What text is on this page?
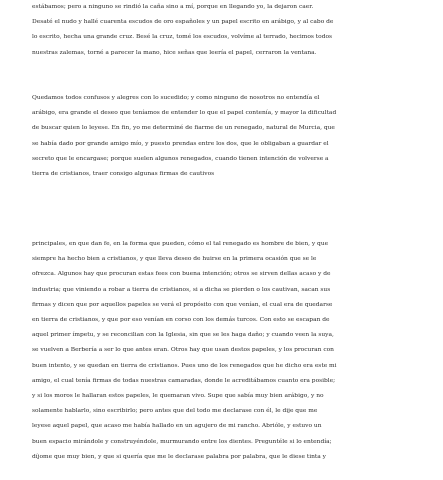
estábamos; pero a ninguno se rindió la caña sino a mí, porque en llegando yo, la dejaron caer.
Desaté el nudo y hallé cuarenta escudos de oro españoles y un papel escrito en arábigo, y al cabo de
lo escrito, hecha una grande cruz. Besé la cruz, tomé los escudos, volvíme al terrado, hecimos todos
nuestras zalemas, torné a parecer la mano, hice señas que leería el papel, cerraron la ventana.

Quedamos todos confusos y alegres con lo sucedido; y como ninguno de nosotros no entendía el
arábigo, era grande el deseo que teníamos de entender lo que el papel contenía, y mayor la dificultad
de buscar quien lo leyese. En fin, yo me determiné de fiarme de un renegado, natural de Murcia, que
se había dado por grande amigo mío, y puesto prendas entre los dos, que le obligaban a guardar el
secreto que le encargase; porque suelen algunos renegados, cuando tienen intención de volverse a
tierra de cristianos, traer consigo algunas firmas de cautivos

principales, en que dan fe, en la forma que pueden, cómo el tal renegado es hombre de bien, y que
siempre ha hecho bien a cristianos, y que lleva deseo de huirse en la primera ocasión que se le
ofrezca. Algunos hay que procuran estas fees con buena intención; otros se sirven dellas acaso y de
industria; que viniendo a robar a tierra de cristianos, si a dicha se pierden o los cautivan, sacan sus
firmas y dicen que por aquellos papeles se verá el propósito con que venían, el cual era de quedarse
en tierra de cristianos, y que por eso venían en corso con los demás turcos. Con esto se escapan de
aquel primer ímpetu, y se reconcilian con la Iglesia, sin que se les haga daño; y cuando veen la suya,
se vuelven a Berbería a ser lo que antes eran. Otros hay que usan destos papeles, y los procuran con
buen intento, y se quedan en tierra de cristianos. Pues uno de los renegados que he dicho era este mi
amigo, el cual tenía firmas de todas nuestras camaradas, donde le acreditábamos cuanto era posible;
y si los moros le hallaran estos papeles, le quemaran vivo. Supe que sabía muy bien arábigo, y no
solamente hablarlo, sino escribirlo; pero antes que del todo me declarase con él, le dije que me
leyese aquel papel, que acaso me había hallado en un agujero de mi rancho. Abrióle, y estuvo un
buen espacio mirándole y construyéndole, murmurando entre los dientes. Preguntéle si lo entendía;
díjome que muy bien, y que si quería que me le declarase palabra por palabra, que le diese tinta y
